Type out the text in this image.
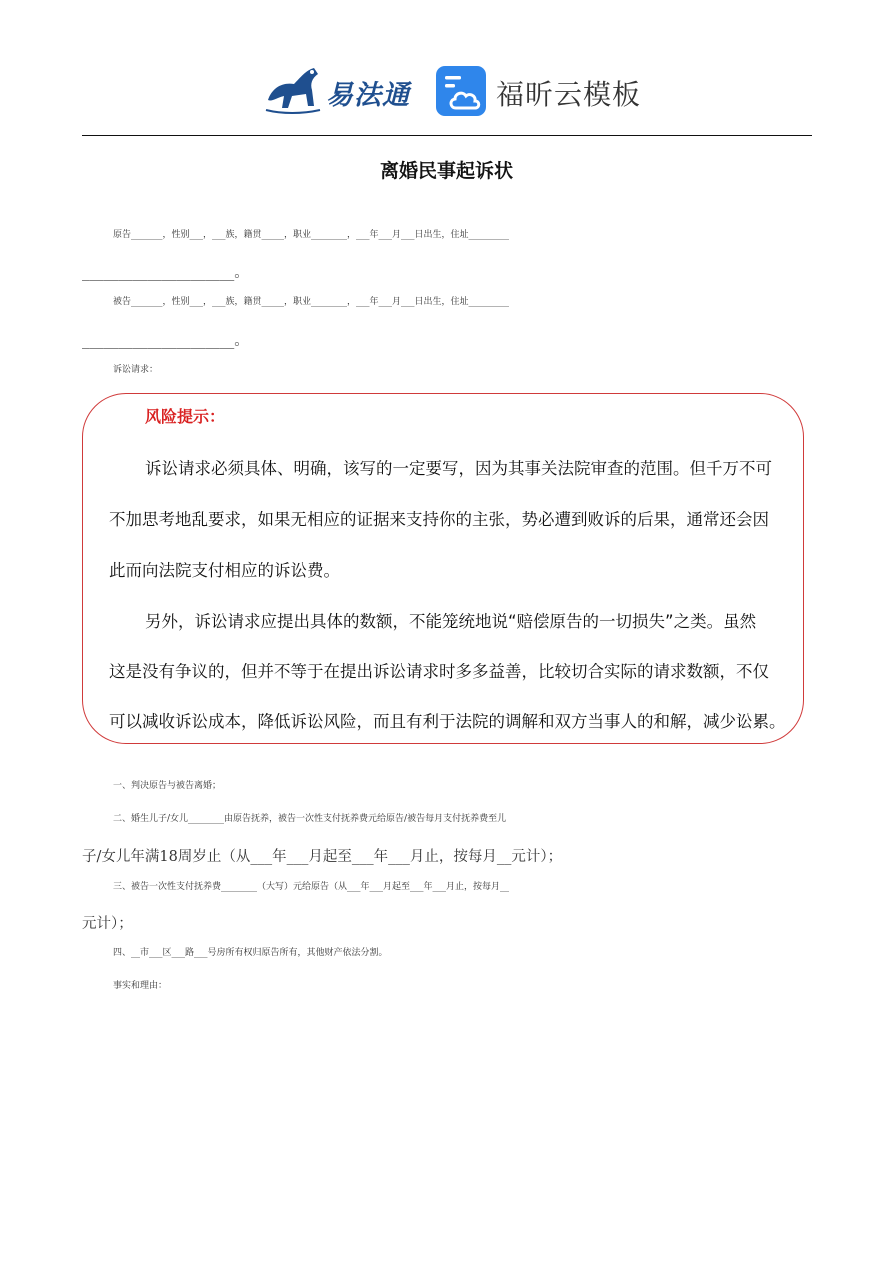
易法通	福昕云模板
离婚民事起诉状
原告_______，性别___，___族，籍贯_____，职业________，___年___月___日出生，住址_________
_____________________。
被告_______，性别___，___族，籍贯_____，职业________，___年___月___日出生，住址_________
_____________________。
诉讼请求：
风险提示：
诉讼请求必须具体、明确，该写的一定要写，因为其事关法院审查的范围。但千万不可
不加思考地乱要求，如果无相应的证据来支持你的主张，势必遭到败诉的后果，通常还会因
此而向法院支付相应的诉讼费。
另外，诉讼请求应提出具体的数额，不能笼统地说“赔偿原告的一切损失”之类。虽然
这是没有争议的，但并不等于在提出诉讼请求时多多益善，比较切合实际的请求数额，不仅
可以减收诉讼成本，降低诉讼风险，而且有利于法院的调解和双方当事人的和解，减少讼累。
一、判决原告与被告离婚；
二、婚生儿子/女儿________由原告抚养，被告一次性支付抚养费元给原告/被告每月支付抚养费至儿
子/女儿年满18周岁止（从___年___月起至___年___月止，按每月__元计）；
三、被告一次性支付抚养费________（大写）元给原告（从___年___月起至___年___月止，按每月__
元计）；
四、__市___区___路___号房所有权归原告所有，其他财产依法分割。
事实和理由：
